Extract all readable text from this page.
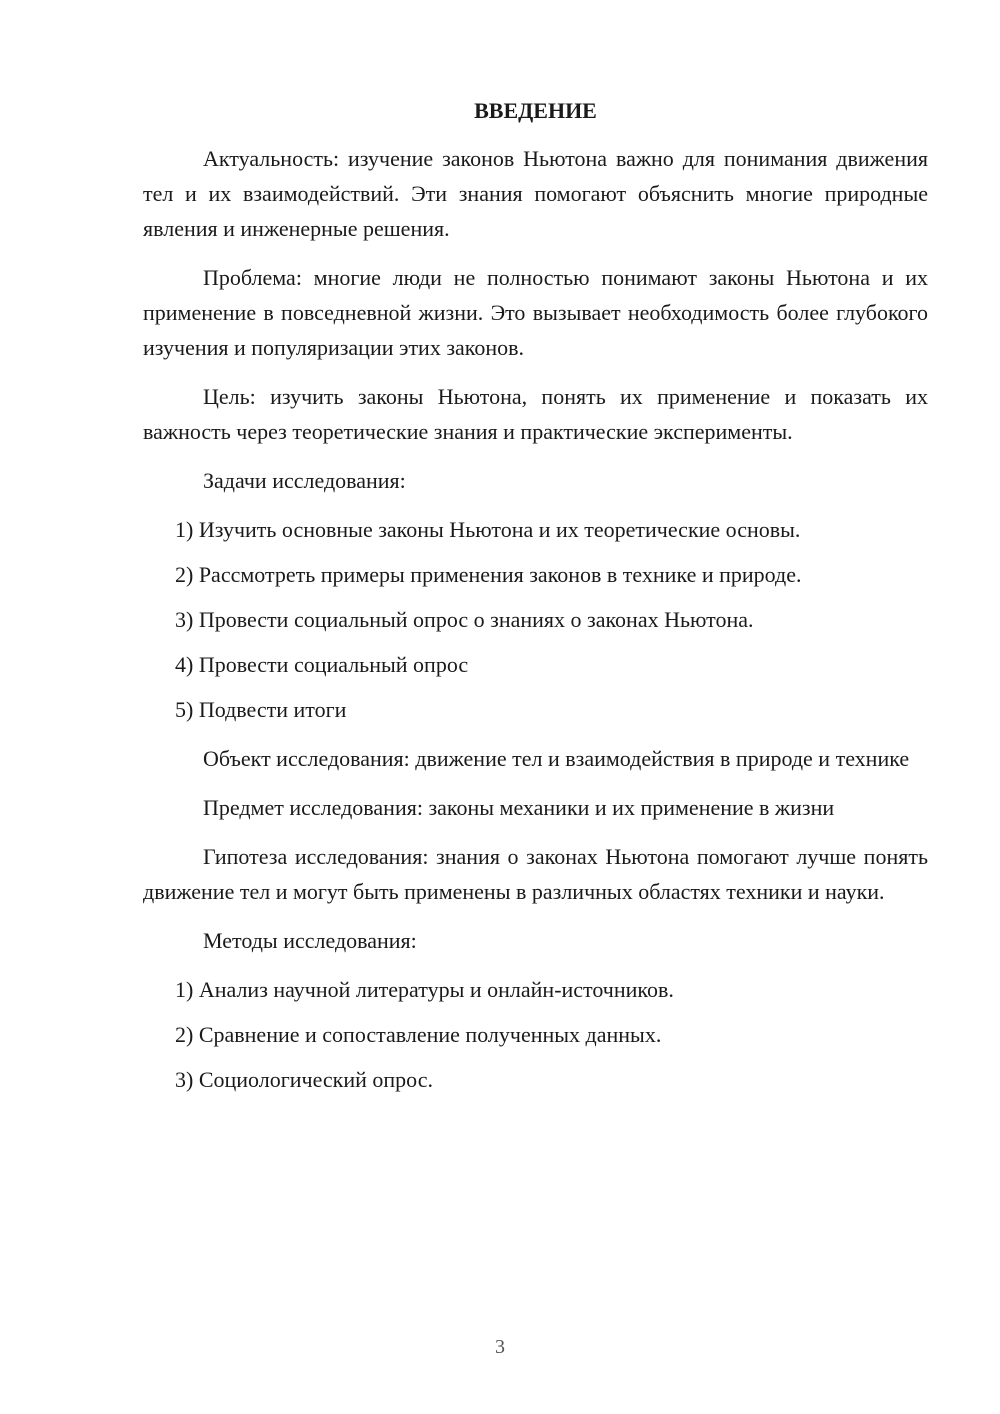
ВВЕДЕНИЕ

Актуальность: изучение законов Ньютона важно для понимания движения тел и их взаимодействий. Эти знания помогают объяснить многие природные явления и инженерные решения.

Проблема: многие люди не полностью понимают законы Ньютона и их применение в повседневной жизни. Это вызывает необходимость более глубокого изучения и популяризации этих законов.

Цель: изучить законы Ньютона, понять их применение и показать их важность через теоретические знания и практические эксперименты.

Задачи исследования:

1) Изучить основные законы Ньютона и их теоретические основы.

2) Рассмотреть примеры применения законов в технике и природе.

3) Провести социальный опрос о знаниях о законах Ньютона.

4) Провести социальный опрос

5) Подвести итоги

Объект исследования: движение тел и взаимодействия в природе и технике

Предмет исследования: законы механики и их применение в жизни

Гипотеза исследования: знания о законах Ньютона помогают лучше понять движение тел и могут быть применены в различных областях техники и науки.

Методы исследования:

1) Анализ научной литературы и онлайн-источников.

2) Сравнение и сопоставление полученных данных.

3) Социологический опрос.

3
